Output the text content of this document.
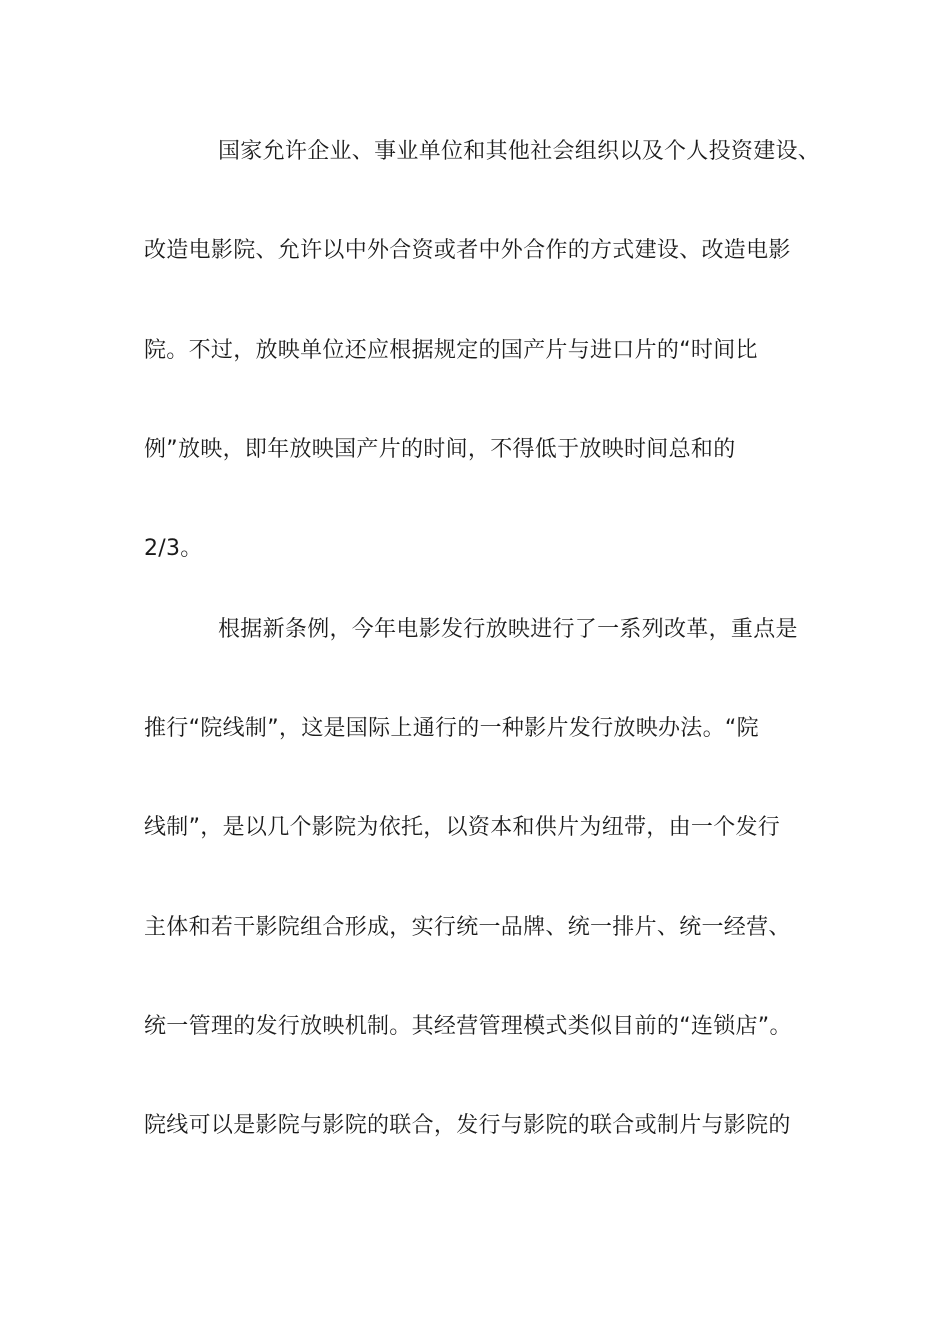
国家允许企业、事业单位和其他社会组织以及个人投资建设、
改造电影院、允许以中外合资或者中外合作的方式建设、改造电影
院。不过，放映单位还应根据规定的国产片与进口片的“时间比
例”放映，即年放映国产片的时间，不得低于放映时间总和的
2/3。
根据新条例，今年电影发行放映进行了一系列改革，重点是
推行“院线制”，这是国际上通行的一种影片发行放映办法。“院
线制”，是以几个影院为依托，以资本和供片为纽带，由一个发行
主体和若干影院组合形成，实行统一品牌、统一排片、统一经营、
统一管理的发行放映机制。其经营管理模式类似目前的“连锁店”。
院线可以是影院与影院的联合，发行与影院的联合或制片与影院的
